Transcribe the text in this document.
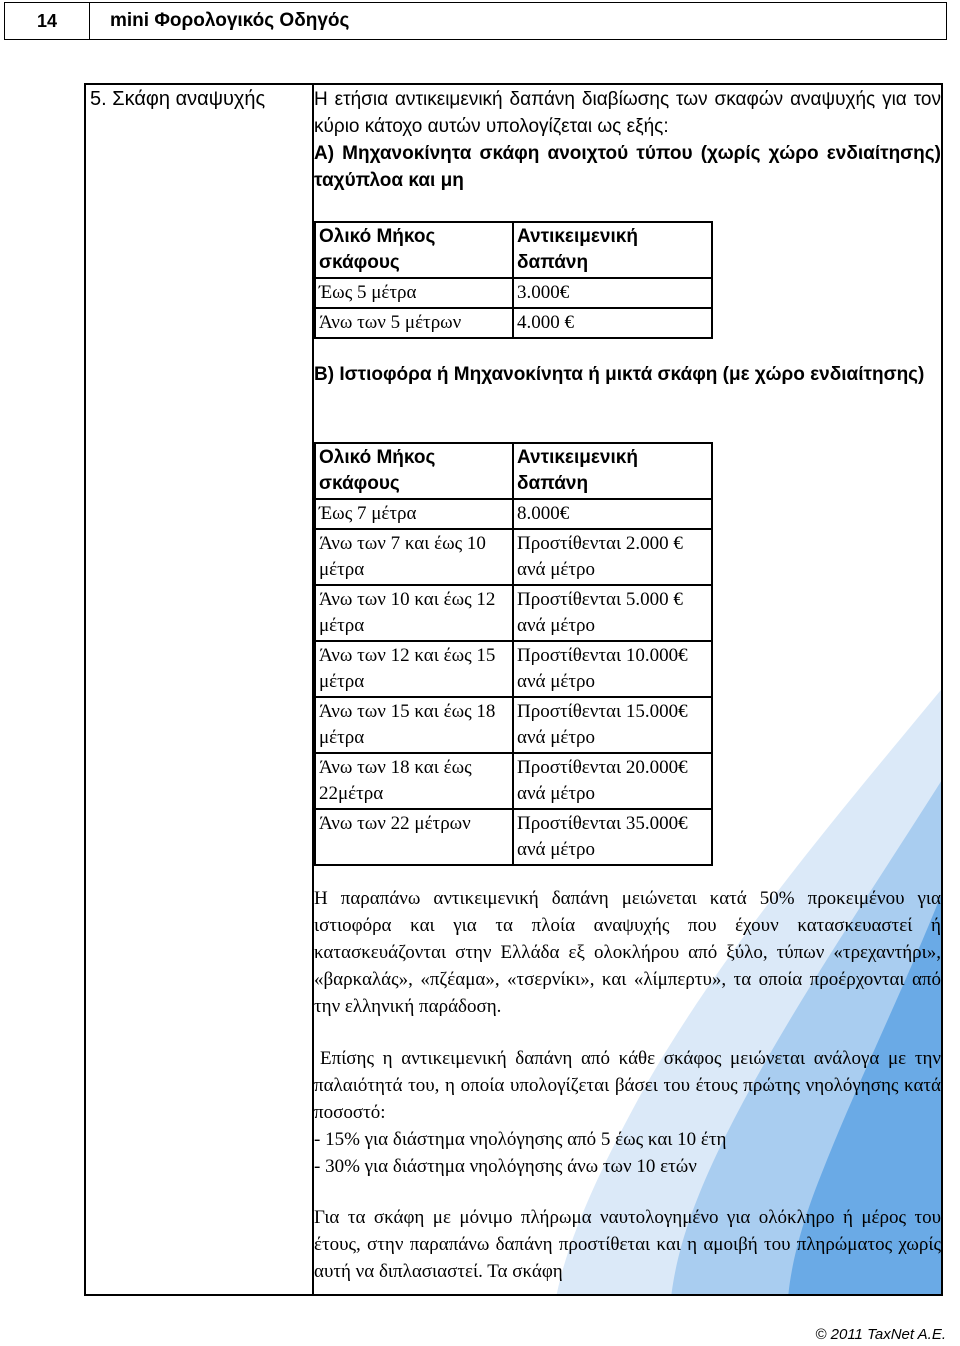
14	mini Φορολογικός Οδηγός
5. Σκάφη αναψυχής	Η ετήσια αντικειμενική δαπάνη διαβίωσης των σκαφών αναψυχής για τον κύριο κάτοχο αυτών υπολογίζεται ως εξής:
Α) Μηχανοκίνητα σκάφη ανοιχτού τύπου (χωρίς χώρο ενδιαίτησης) ταχύπλοα και μη
Ολικό Μήκος σκάφους	Αντικειμενική δαπάνη
Έως 5 μέτρα	3.000€
Άνω των 5 μέτρων	4.000 €
Β) Ιστιοφόρα ή Μηχανοκίνητα ή μικτά σκάφη (με χώρο ενδιαίτησης)
Ολικό Μήκος σκάφους	Αντικειμενική δαπάνη
Έως 7 μέτρα	8.000€
Άνω των 7 και έως 10 μέτρα	Προστίθενται 2.000 € ανά μέτρο
Άνω των 10 και έως 12 μέτρα	Προστίθενται 5.000 € ανά μέτρο
Άνω των 12 και έως 15 μέτρα	Προστίθενται 10.000€ ανά μέτρο
Άνω των 15 και έως 18 μέτρα	Προστίθενται 15.000€ ανά μέτρο
Άνω των 18 και έως 22μέτρα	Προστίθενται 20.000€ ανά μέτρο
Άνω των 22 μέτρων	Προστίθενται 35.000€ ανά μέτρο
Η παραπάνω αντικειμενική δαπάνη μειώνεται κατά 50% προκειμένου για ιστιοφόρα και για τα πλοία αναψυχής που έχουν κατασκευαστεί ή κατασκευάζονται στην Ελλάδα εξ ολοκλήρου από ξύλο, τύπων «τρεχαντήρι», «βαρκαλάς», «πζέαμα», «τσερνίκι», και «λίμπερτυ», τα οποία προέρχονται από την ελληνική παράδοση.
Επίσης η αντικειμενική δαπάνη από κάθε σκάφος μειώνεται ανάλογα με την παλαιότητά του, η οποία υπολογίζεται βάσει του έτους πρώτης νηολόγησης κατά ποσοστό:
- 15% για διάστημα νηολόγησης από 5 έως και 10 έτη
- 30% για διάστημα νηολόγησης άνω των 10 ετών
Για τα σκάφη με μόνιμο πλήρωμα ναυτολογημένο για ολόκληρο ή μέρος του έτους, στην παραπάνω δαπάνη προστίθεται και η αμοιβή του πληρώματος χωρίς αυτή να διπλασιαστεί. Τα σκάφη
© 2011 TaxNet A.E.
